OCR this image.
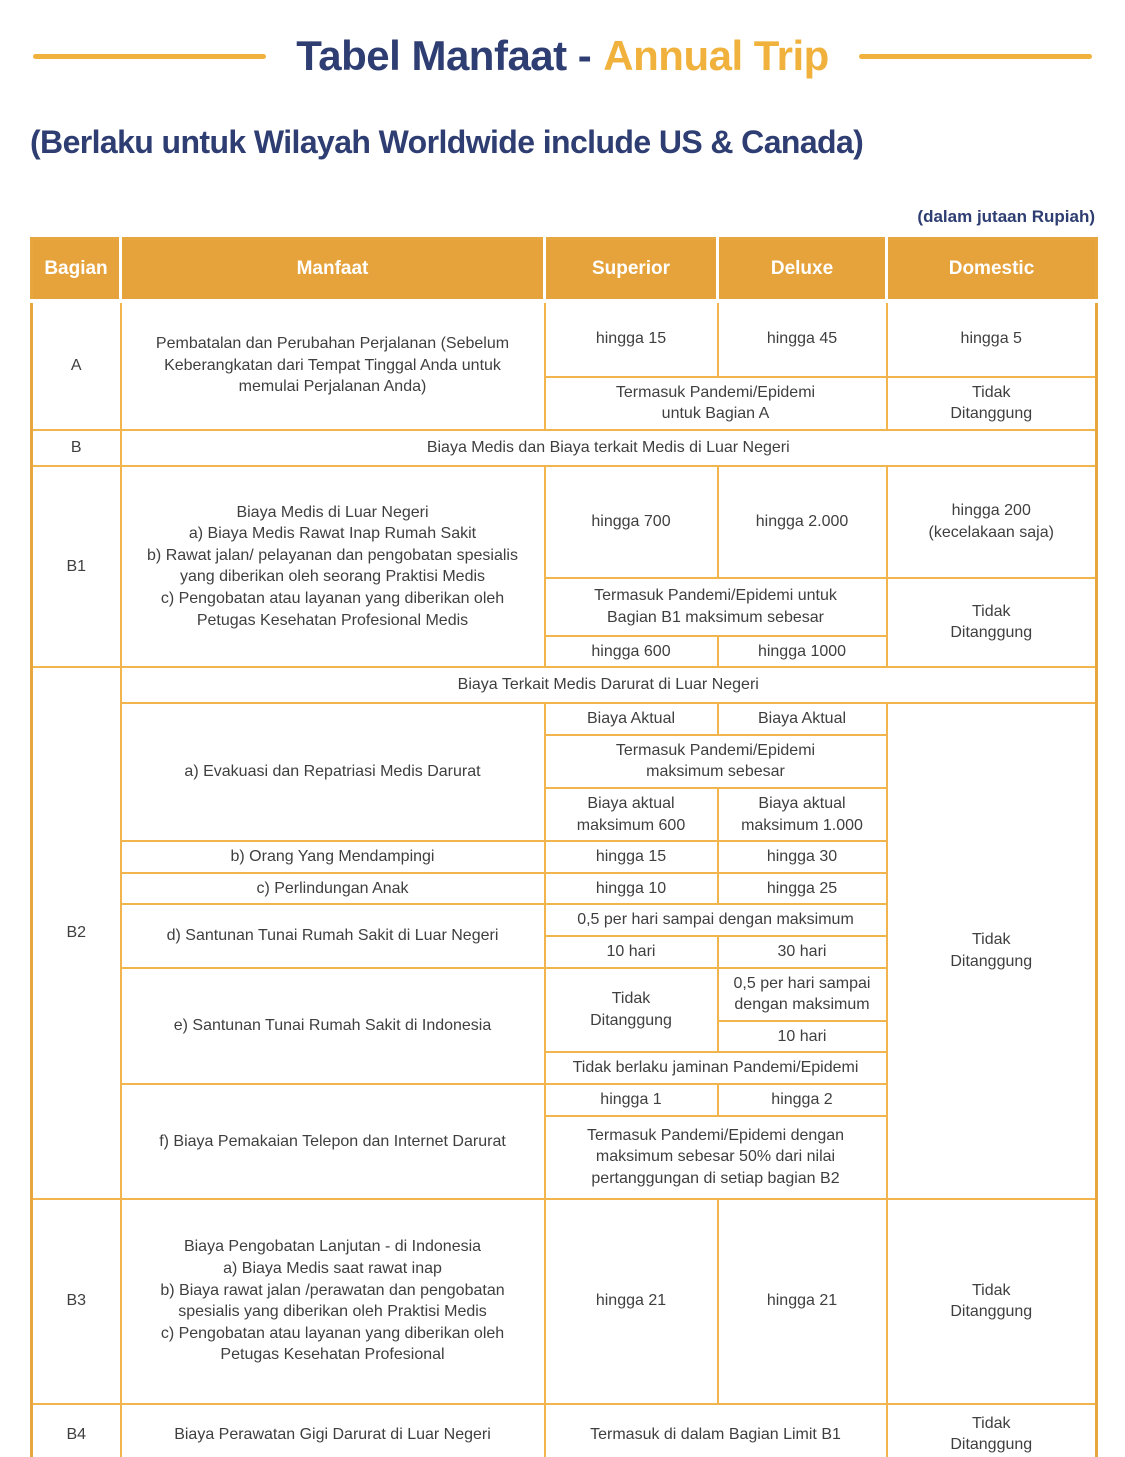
Tabel Manfaat - Annual Trip
(Berlaku untuk Wilayah Worldwide include US & Canada)
(dalam jutaan Rupiah)
Bagian	Manfaat	Superior	Deluxe	Domestic
A	Pembatalan dan Perubahan Perjalanan (Sebelum
Keberangkatan dari Tempat Tinggal Anda untuk
memulai Perjalanan Anda)	hingga 15	hingga 45	hingga 5
		Termasuk Pandemi/Epidemi
untuk Bagian A		Tidak
Ditanggung
B	Biaya Medis dan Biaya terkait Medis di Luar Negeri			
B1	Biaya Medis di Luar Negeri
a) Biaya Medis Rawat Inap Rumah Sakit
b) Rawat jalan/ pelayanan dan pengobatan spesialis
yang diberikan oleh seorang Praktisi Medis
c) Pengobatan atau layanan yang diberikan oleh
Petugas Kesehatan Profesional Medis	hingga 700	hingga 2.000	hingga 200
(kecelakaan saja)
		Termasuk Pandemi/Epidemi untuk
Bagian B1 maksimum sebesar		Tidak
Ditanggung
		hingga 600	hingga 1000	
B2	Biaya Terkait Medis Darurat di Luar Negeri			
	a) Evakuasi dan Repatriasi Medis Darurat	Biaya Aktual	Biaya Aktual	Tidak
Ditanggung
		Termasuk Pandemi/Epidemi
maksimum sebesar		
		Biaya aktual
maksimum 600	Biaya aktual
maksimum 1.000	
	b) Orang Yang Mendampingi	hingga 15	hingga 30	
	c) Perlindungan Anak	hingga 10	hingga 25	
	d) Santunan Tunai Rumah Sakit di Luar Negeri	0,5 per hari sampai dengan maksimum		
		10 hari	30 hari	
	e) Santunan Tunai Rumah Sakit di Indonesia	Tidak
Ditanggung	0,5 per hari sampai
dengan maksimum	
			10 hari	
		Tidak berlaku jaminan Pandemi/Epidemi		
	f) Biaya Pemakaian Telepon dan Internet Darurat	hingga 1	hingga 2	
		Termasuk Pandemi/Epidemi dengan
maksimum sebesar 50% dari nilai
pertanggungan di setiap bagian B2		
B3	Biaya Pengobatan Lanjutan - di Indonesia
a) Biaya Medis saat rawat inap
b) Biaya rawat jalan /perawatan dan pengobatan
spesialis yang diberikan oleh Praktisi Medis
c) Pengobatan atau layanan yang diberikan oleh
Petugas Kesehatan Profesional	hingga 21	hingga 21	Tidak
Ditanggung
B4	Biaya Perawatan Gigi Darurat di Luar Negeri	Termasuk di dalam Bagian Limit B1		Tidak
Ditanggung
